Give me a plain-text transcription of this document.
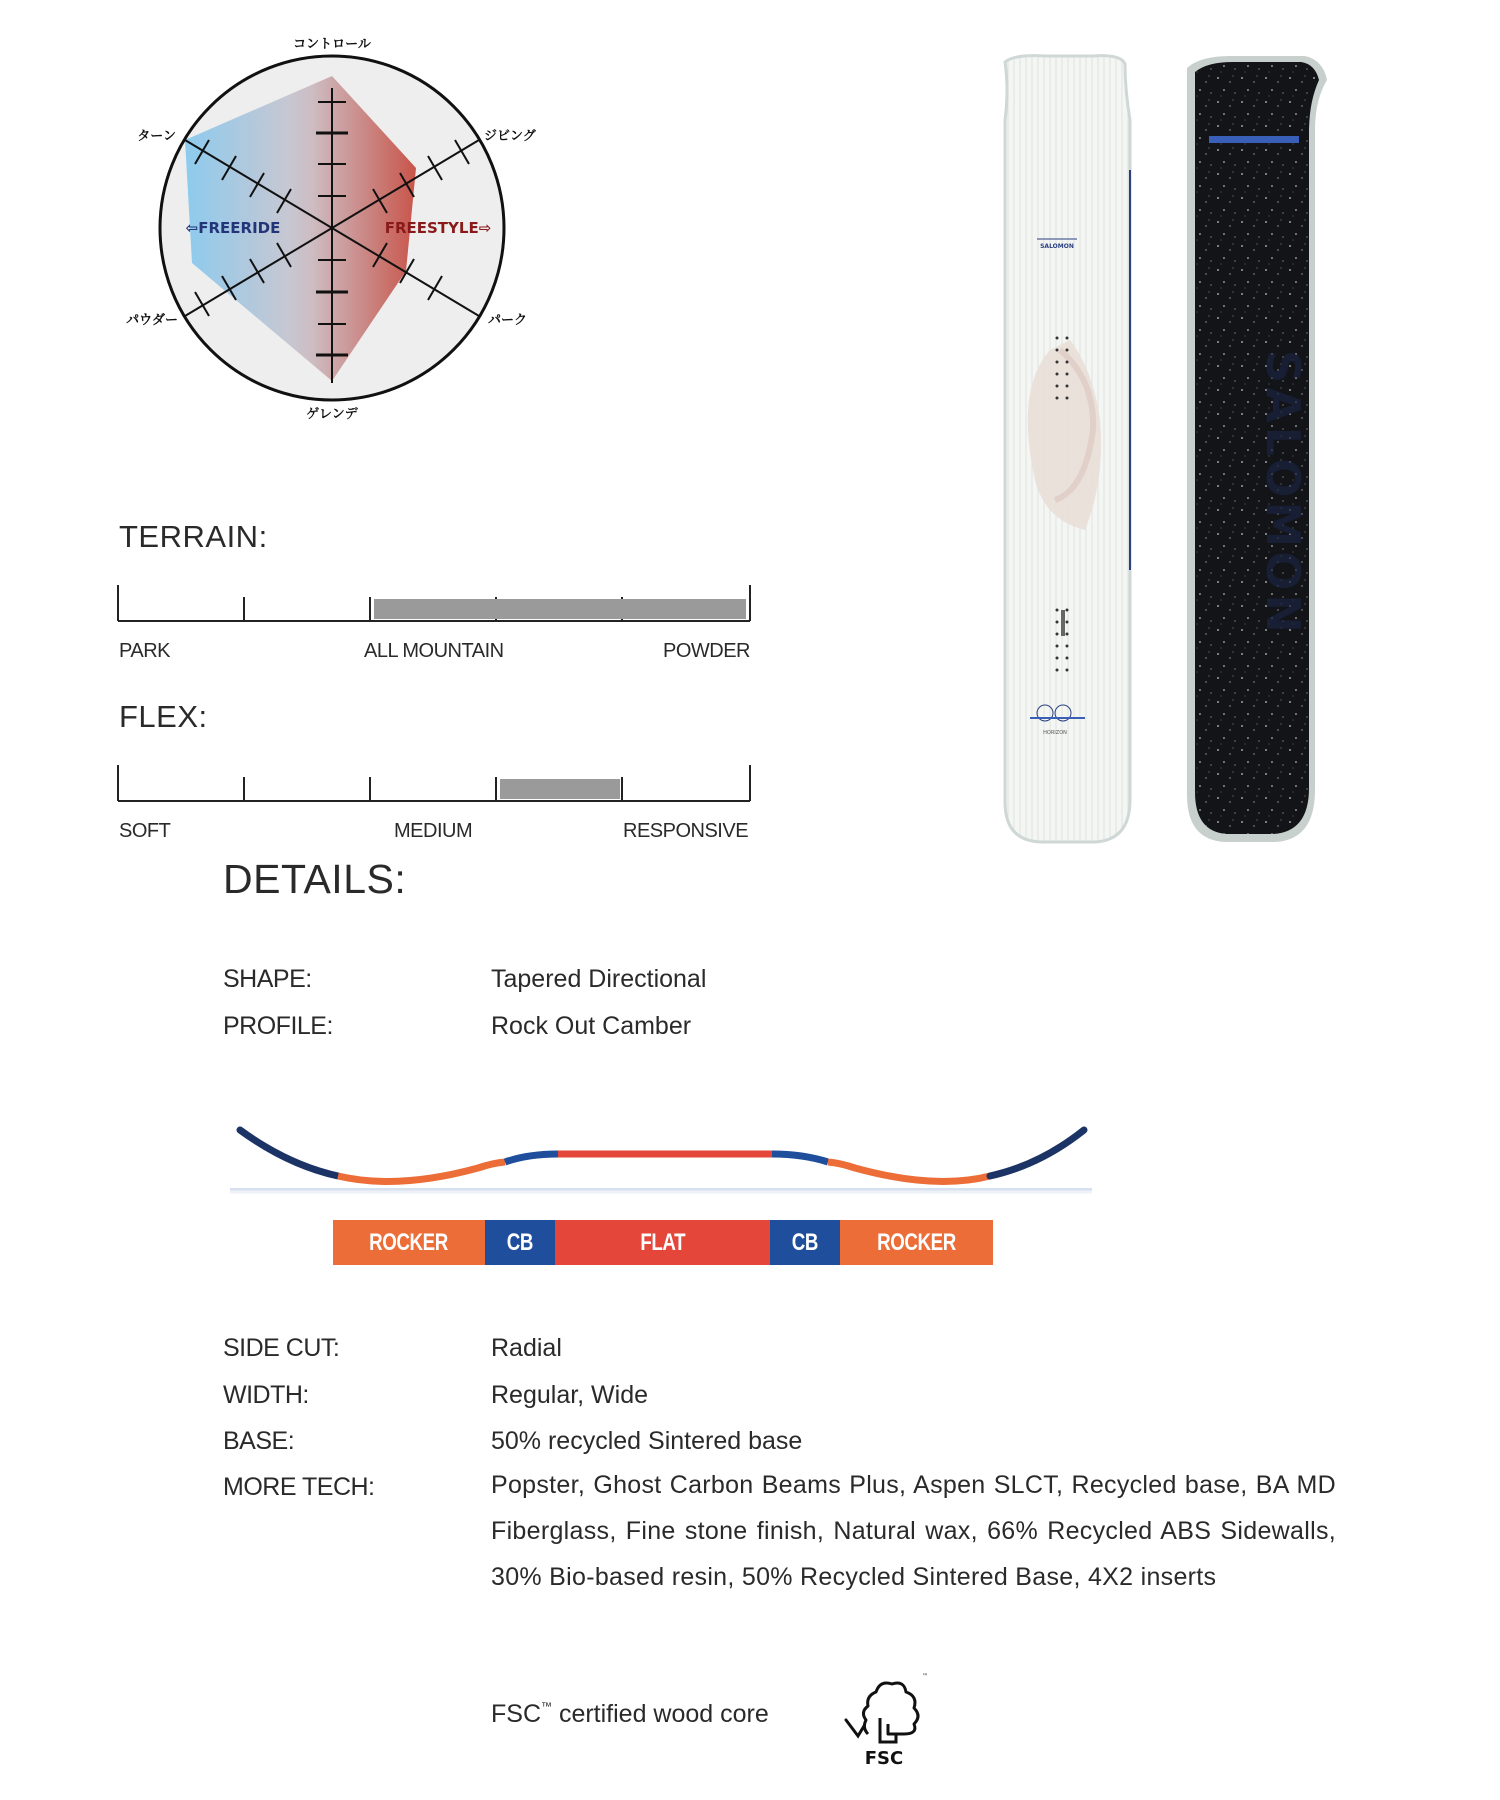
コントロール
ジビング
パーク
ゲレンデ
パウダー
ターン
⇦FREERIDE	FREESTYLE⇨
TERRAIN:
PARK	ALL MOUNTAIN	POWDER
FLEX:
SOFT	MEDIUM	RESPONSIVE
SALOMON
HORIZON
SALOMON
DETAILS:
SHAPE:	Tapered Directional
PROFILE:	Rock Out Camber
ROCKER CB	FLAT	CB ROCKER
SIDE CUT:	Radial
WIDTH:	Regular, Wide
BASE:	50% recycled Sintered base
MORE TECH:	Popster, Ghost Carbon Beams Plus, Aspen SLCT, Recycled base, BA MD Fiberglass, Fine stone finish, Natural wax, 66% Recycled ABS Sidewalls, 30% Bio-based resin, 50% Recycled Sintered Base, 4X2 inserts
FSC™ certified wood core
FSC
™
